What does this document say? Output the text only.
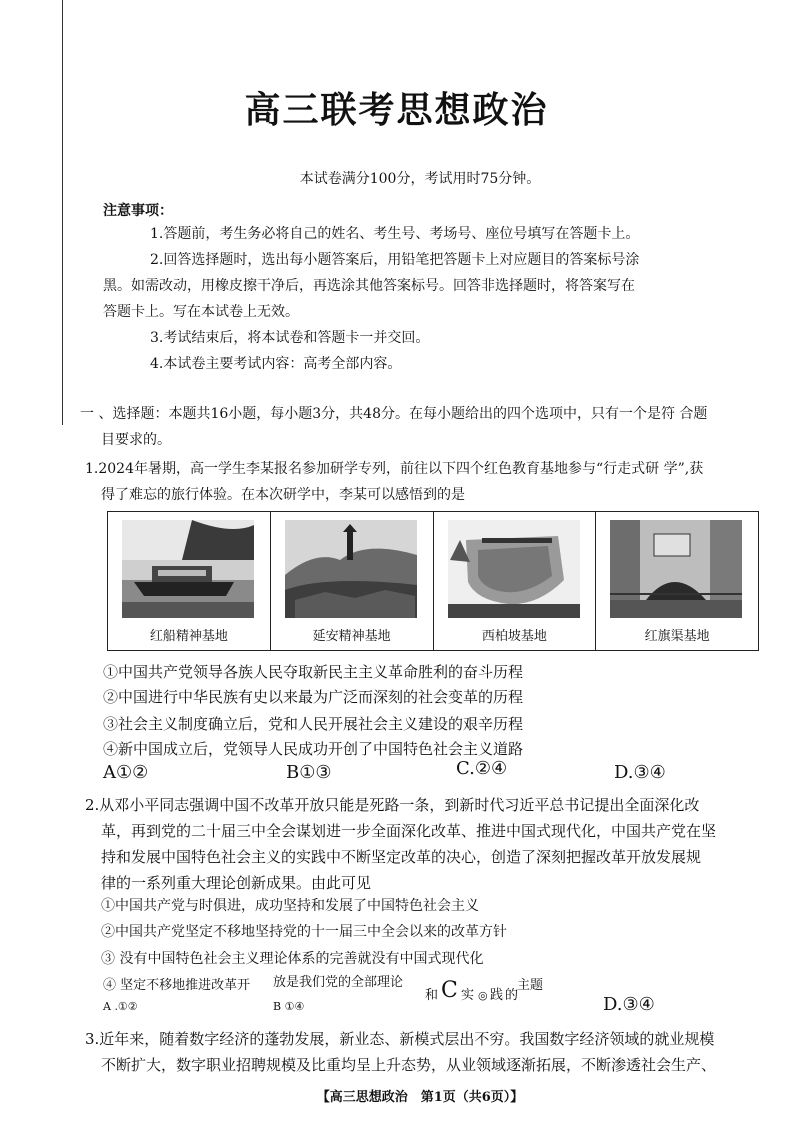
高三联考思想政治
本试卷满分100分，考试用时75分钟。
注意事项：
1.答题前，考生务必将自己的姓名、考生号、考场号、座位号填写在答题卡上。
2.回答选择题时，选出每小题答案后，用铅笔把答题卡上对应题目的答案标号涂
黑。如需改动，用橡皮擦干净后，再选涂其他答案标号。回答非选择题时，将答案写在
答题卡上。写在本试卷上无效。
3.考试结束后，将本试卷和答题卡一并交回。
4.本试卷主要考试内容：高考全部内容。
一 、选择题：本题共16小题，每小题3分，共48分。在每小题给出的四个选项中，只有一个是符 合题
目要求的。
1.2024年暑期，高一学生李某报名参加研学专列，前往以下四个红色教育基地参与“行走式研 学”,获
得了难忘的旅行体验。在本次研学中，李某可以感悟到的是
红船精神基地	延安精神基地	西柏坡基地	红旗渠基地
①中国共产党领导各族人民夺取新民主主义革命胜利的奋斗历程
②中国进行中华民族有史以来最为广泛而深刻的社会变革的历程
③社会主义制度确立后，党和人民开展社会主义建设的艰辛历程
④新中国成立后，党领导人民成功开创了中国特色社会主义道路
A①②	B①③	C.②④	D.③④
2.从邓小平同志强调中国不改革开放只能是死路一条，到新时代习近平总书记提出全面深化改
革，再到党的二十届三中全会谋划进一步全面深化改革、推进中国式现代化，中国共产党在坚
持和发展中国特色社会主义的实践中不断坚定改革的决心，创造了深刻把握改革开放发展规
律的一系列重大理论创新成果。由此可见
①中国共产党与时俱进，成功坚持和发展了中国特色社会主义
②中国共产党坚定不移地坚持党的十一届三中全会以来的改革方针
③ 没有中国特色社会主义理论体系的完善就没有中国式现代化
④ 坚定不移地推进改革开 放是我们党的全部理论
和 C 实 ◎ 践 的
主题
A .①②	B ①④	D.③④
3.近年来，随着数字经济的蓬勃发展，新业态、新模式层出不穷。我国数字经济领域的就业规模
不断扩大，数字职业招聘规模及比重均呈上升态势，从业领域逐渐拓展，不断渗透社会生产、
【高三思想政治　第1页（共6页）】
